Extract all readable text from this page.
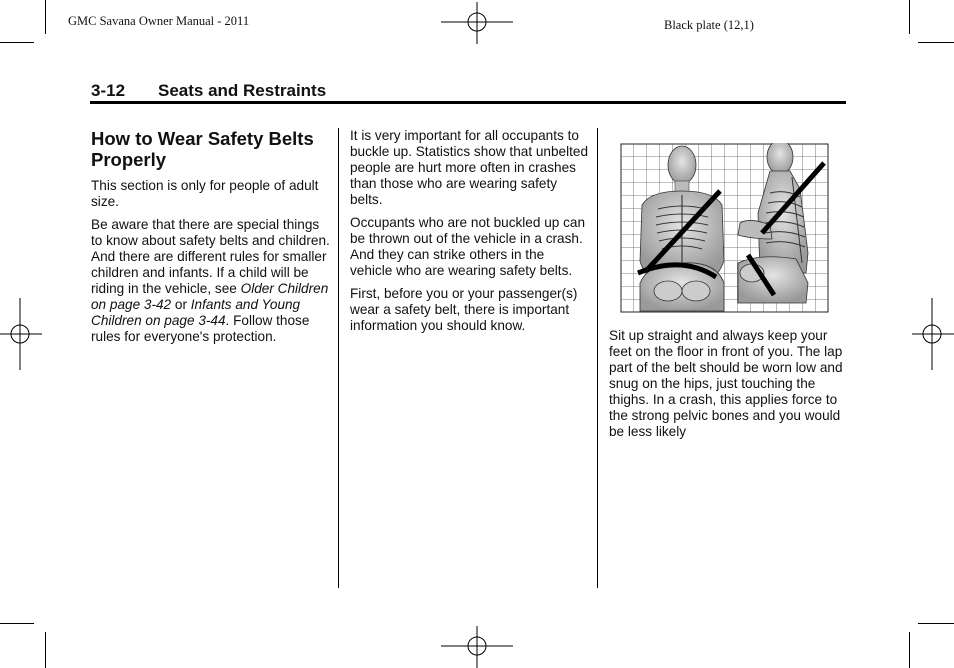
GMC Savana Owner Manual - 2011	Black plate (12,1)
3-12 Seats and Restraints
How to Wear Safety Belts Properly

This section is only for people of adult size.

Be aware that there are special things to know about safety belts and children. And there are different rules for smaller children and infants. If a child will be riding in the vehicle, see Older Children on page 3-42 or Infants and Young Children on page 3-44. Follow those rules for everyone's protection.

It is very important for all occupants to buckle up. Statistics show that unbelted people are hurt more often in crashes than those who are wearing safety belts.

Occupants who are not buckled up can be thrown out of the vehicle in a crash. And they can strike others in the vehicle who are wearing safety belts.

First, before you or your passenger(s) wear a safety belt, there is important information you should know.

Sit up straight and always keep your feet on the floor in front of you. The lap part of the belt should be worn low and snug on the hips, just touching the thighs. In a crash, this applies force to the strong pelvic bones and you would be less likely
